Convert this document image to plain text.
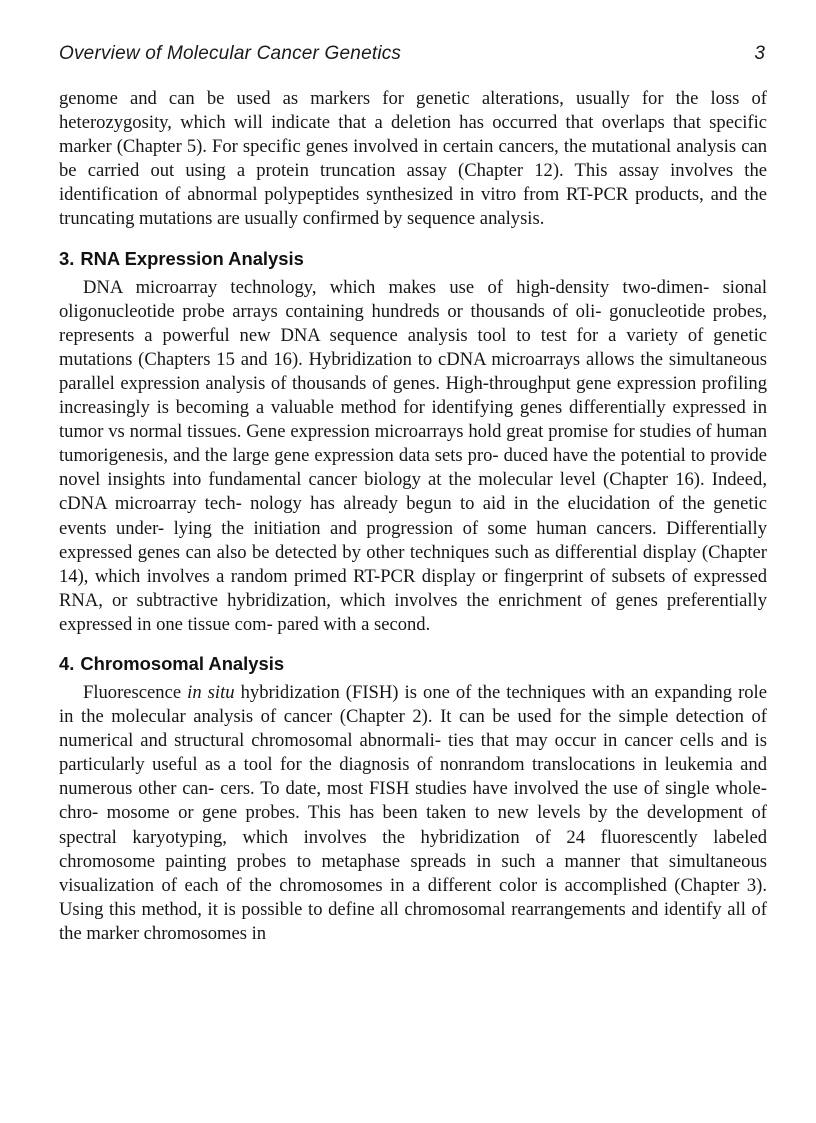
Overview of Molecular Cancer Genetics	3

genome and can be used as markers for genetic alterations, usually for the loss of heterozygosity, which will indicate that a deletion has occurred that overlaps that specific marker (Chapter 5). For specific genes involved in certain cancers, the mutational analysis can be carried out using a protein truncation assay (Chapter 12). This assay involves the identification of abnormal polypeptides synthesized in vitro from RT-PCR products, and the truncating mutations are usually confirmed by sequence analysis.

3. RNA Expression Analysis

DNA microarray technology, which makes use of high-density two-dimen- sional oligonucleotide probe arrays containing hundreds or thousands of oli- gonucleotide probes, represents a powerful new DNA sequence analysis tool to test for a variety of genetic mutations (Chapters 15 and 16). Hybridization to cDNA microarrays allows the simultaneous parallel expression analysis of thousands of genes. High-throughput gene expression profiling increasingly is becoming a valuable method for identifying genes differentially expressed in tumor vs normal tissues. Gene expression microarrays hold great promise for studies of human tumorigenesis, and the large gene expression data sets pro- duced have the potential to provide novel insights into fundamental cancer biology at the molecular level (Chapter 16). Indeed, cDNA microarray tech- nology has already begun to aid in the elucidation of the genetic events under- lying the initiation and progression of some human cancers. Differentially expressed genes can also be detected by other techniques such as differential display (Chapter 14), which involves a random primed RT-PCR display or fingerprint of subsets of expressed RNA, or subtractive hybridization, which involves the enrichment of genes preferentially expressed in one tissue com- pared with a second.

4. Chromosomal Analysis

Fluorescence in situ hybridization (FISH) is one of the techniques with an expanding role in the molecular analysis of cancer (Chapter 2). It can be used for the simple detection of numerical and structural chromosomal abnormali- ties that may occur in cancer cells and is particularly useful as a tool for the diagnosis of nonrandom translocations in leukemia and numerous other can- cers. To date, most FISH studies have involved the use of single whole-chro- mosome or gene probes. This has been taken to new levels by the development of spectral karyotyping, which involves the hybridization of 24 fluorescently labeled chromosome painting probes to metaphase spreads in such a manner that simultaneous visualization of each of the chromosomes in a different color is accomplished (Chapter 3). Using this method, it is possible to define all chromosomal rearrangements and identify all of the marker chromosomes in
